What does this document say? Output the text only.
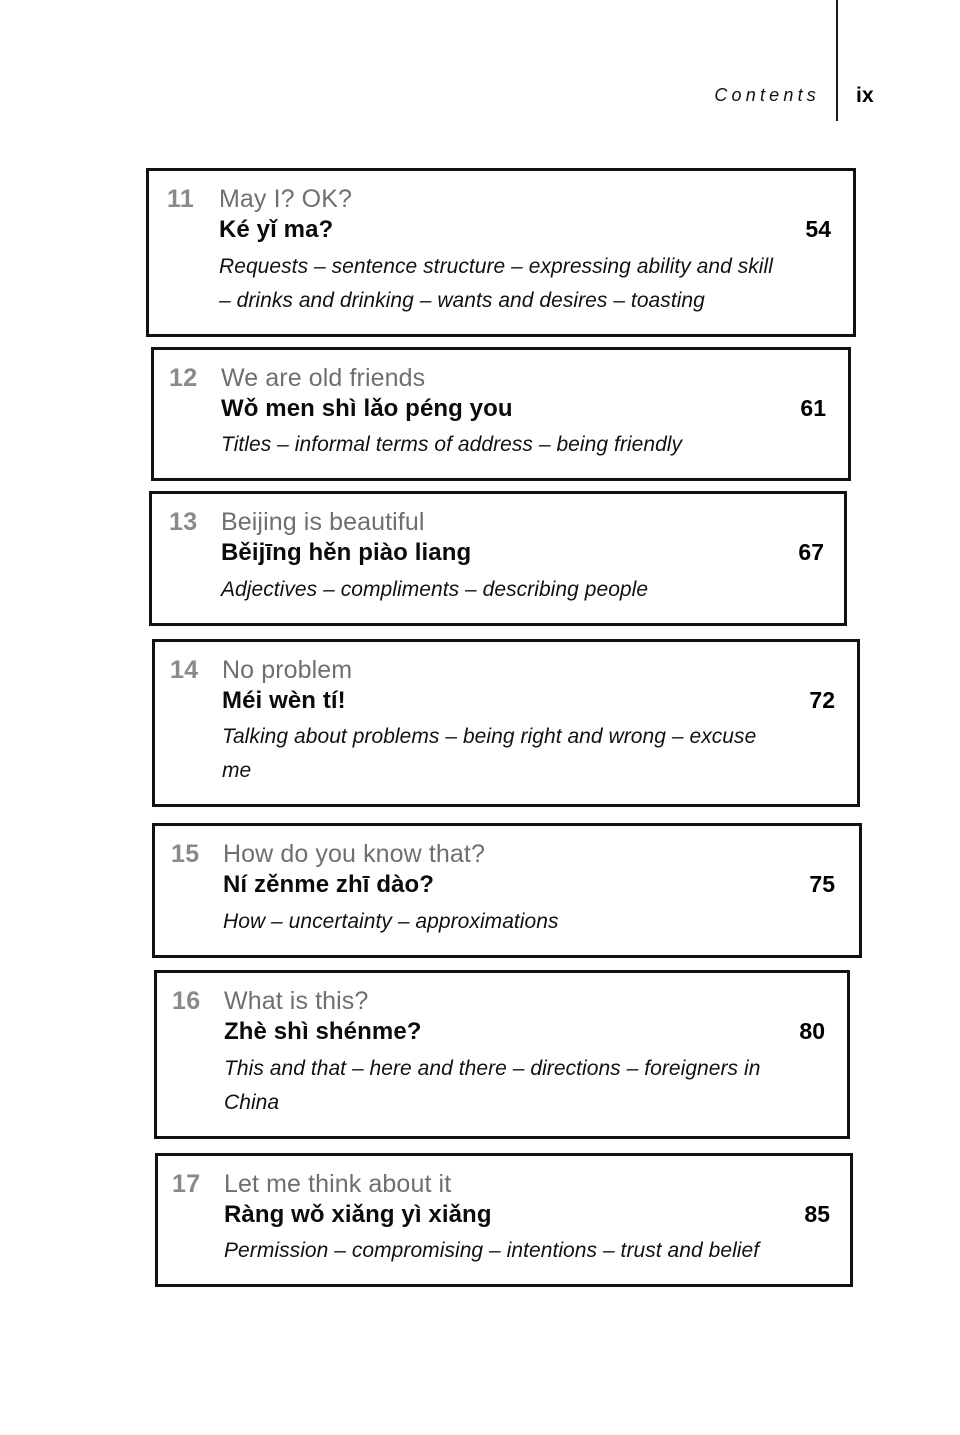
Contents ix
11 May I? OK?
Ké yǐ ma?	54
Requests – sentence structure – expressing ability and skill – drinks and drinking – wants and desires – toasting
12 We are old friends
Wǒ men shì lǎo péng you	61
Titles – informal terms of address – being friendly
13 Beijing is beautiful
Běijīng hěn piào liang	67
Adjectives – compliments – describing people
14 No problem
Méi wèn tí!	72
Talking about problems – being right and wrong – excuse me
15 How do you know that?
Ní zěnme zhī dào?	75
How – uncertainty – approximations
16 What is this?
Zhè shì shénme?	80
This and that – here and there – directions – foreigners in China
17 Let me think about it
Ràng wǒ xiǎng yì xiǎng	85
Permission – compromising – intentions – trust and belief
